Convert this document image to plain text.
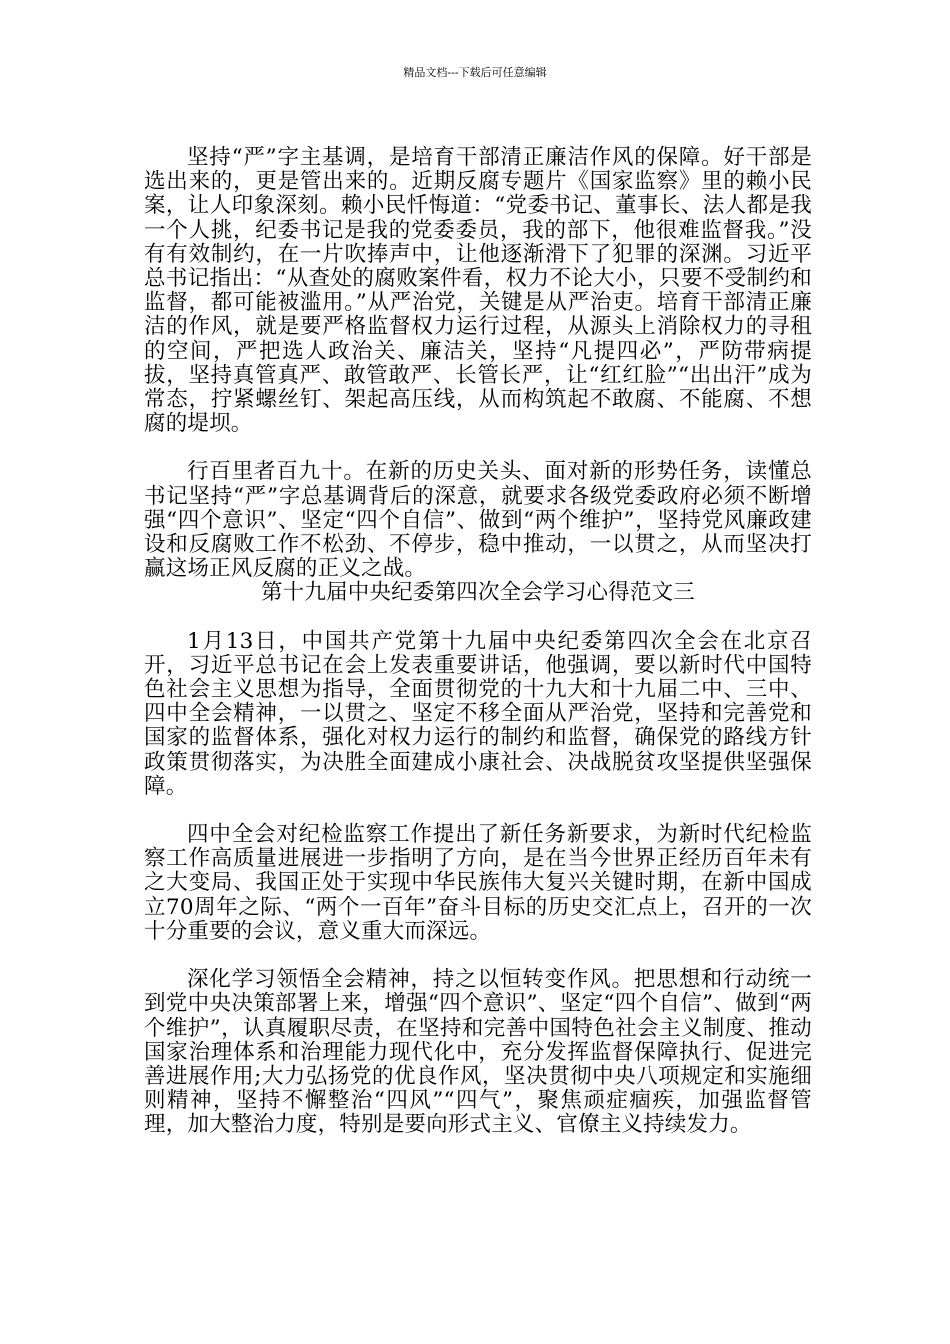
精品文档---下载后可任意编辑

坚持“严”字主基调，是培育干部清正廉洁作风的保障。好干部是选出来的，更是管出来的。近期反腐专题片《国家监察》里的赖小民案，让人印象深刻。赖小民忏悔道：“党委书记、董事长、法人都是我一个人挑，纪委书记是我的党委委员，我的部下，他很难监督我。”没有有效制约，在一片吹捧声中，让他逐渐滑下了犯罪的深渊。习近平总书记指出：“从查处的腐败案件看，权力不论大小，只要不受制约和监督，都可能被滥用。”从严治党，关键是从严治吏。培育干部清正廉洁的作风，就是要严格监督权力运行过程，从源头上消除权力的寻租的空间，严把选人政治关、廉洁关，坚持“凡提四必”，严防带病提拔，坚持真管真严、敢管敢严、长管长严，让“红红脸”“出出汗”成为常态，拧紧螺丝钉、架起高压线，从而构筑起不敢腐、不能腐、不想腐的堤坝。

行百里者百九十。在新的历史关头、面对新的形势任务，读懂总书记坚持“严”字总基调背后的深意，就要求各级党委政府必须不断增强“四个意识”、坚定“四个自信”、做到“两个维护”，坚持党风廉政建设和反腐败工作不松劲、不停步，稳中推动，一以贯之，从而坚决打赢这场正风反腐的正义之战。

第十九届中央纪委第四次全会学习心得范文三

1月13日，中国共产党第十九届中央纪委第四次全会在北京召开，习近平总书记在会上发表重要讲话，他强调，要以新时代中国特色社会主义思想为指导，全面贯彻党的十九大和十九届二中、三中、四中全会精神，一以贯之、坚定不移全面从严治党，坚持和完善党和国家的监督体系，强化对权力运行的制约和监督，确保党的路线方针政策贯彻落实，为决胜全面建成小康社会、决战脱贫攻坚提供坚强保障。

四中全会对纪检监察工作提出了新任务新要求，为新时代纪检监察工作高质量进展进一步指明了方向，是在当今世界正经历百年未有之大变局、我国正处于实现中华民族伟大复兴关键时期，在新中国成立70周年之际、“两个一百年”奋斗目标的历史交汇点上，召开的一次十分重要的会议，意义重大而深远。

深化学习领悟全会精神，持之以恒转变作风。把思想和行动统一到党中央决策部署上来，增强“四个意识”、坚定“四个自信”、做到“两个维护”，认真履职尽责，在坚持和完善中国特色社会主义制度、推动国家治理体系和治理能力现代化中，充分发挥监督保障执行、促进完善进展作用;大力弘扬党的优良作风，坚决贯彻中央八项规定和实施细则精神，坚持不懈整治“四风”“四气”，聚焦顽症痼疾，加强监督管理，加大整治力度，特别是要向形式主义、官僚主义持续发力。
